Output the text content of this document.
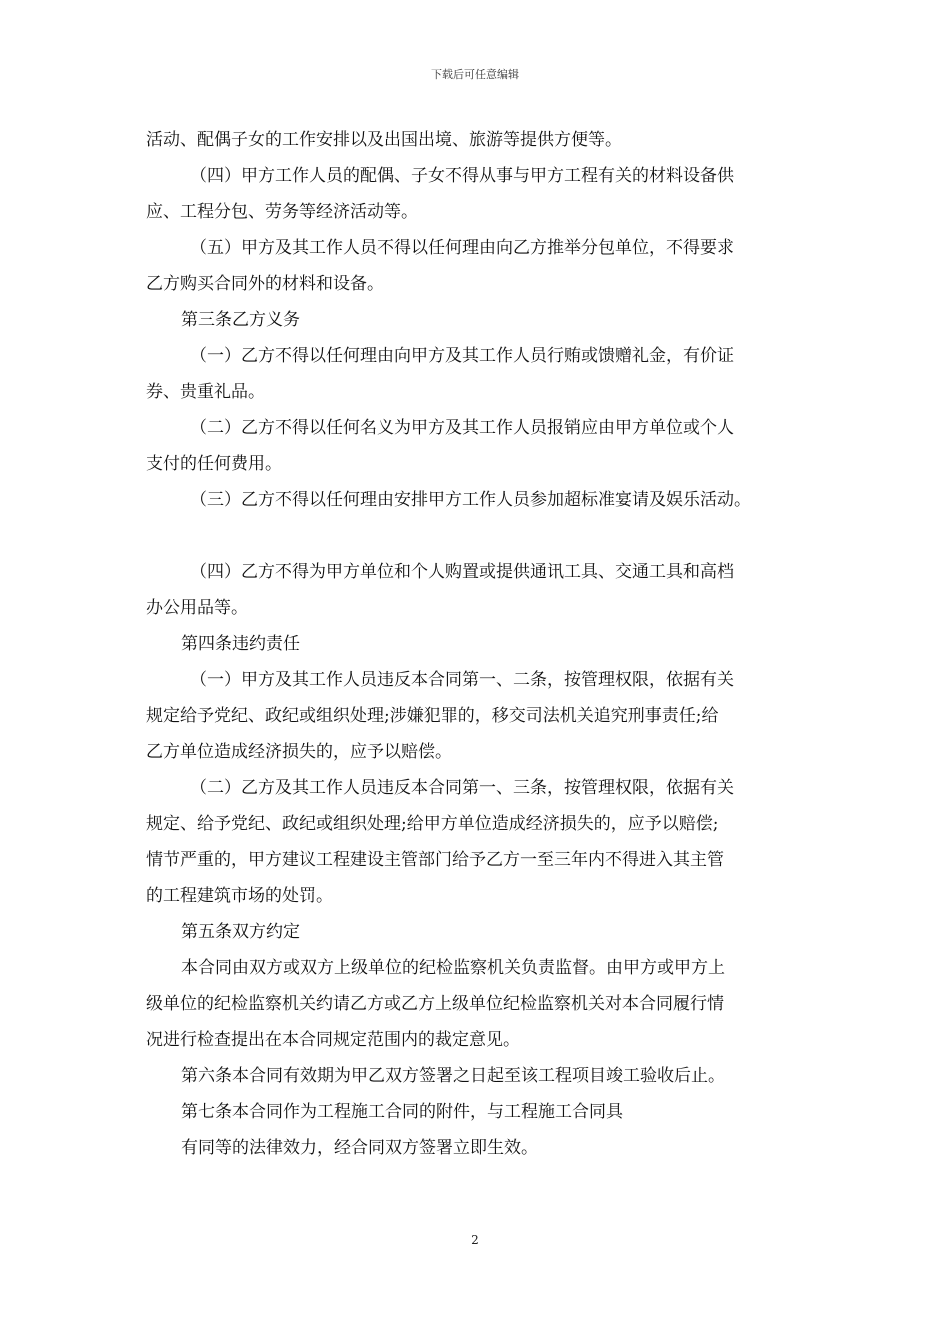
下载后可任意编辑

活动、配偶子女的工作安排以及出国出境、旅游等提供方便等。

（四）甲方工作人员的配偶、子女不得从事与甲方工程有关的材料设备供

应、工程分包、劳务等经济活动等。

（五）甲方及其工作人员不得以任何理由向乙方推举分包单位，不得要求

乙方购买合同外的材料和设备。

第三条乙方义务

（一）乙方不得以任何理由向甲方及其工作人员行贿或馈赠礼金，有价证

券、贵重礼品。

（二）乙方不得以任何名义为甲方及其工作人员报销应由甲方单位或个人

支付的任何费用。

（三）乙方不得以任何理由安排甲方工作人员参加超标准宴请及娱乐活动。

（四）乙方不得为甲方单位和个人购置或提供通讯工具、交通工具和高档

办公用品等。

第四条违约责任

（一）甲方及其工作人员违反本合同第一、二条，按管理权限，依据有关

规定给予党纪、政纪或组织处理;涉嫌犯罪的，移交司法机关追究刑事责任;给

乙方单位造成经济损失的，应予以赔偿。

（二）乙方及其工作人员违反本合同第一、三条，按管理权限，依据有关

规定、给予党纪、政纪或组织处理;给甲方单位造成经济损失的，应予以赔偿;

情节严重的，甲方建议工程建设主管部门给予乙方一至三年内不得进入其主管

的工程建筑市场的处罚。

第五条双方约定

本合同由双方或双方上级单位的纪检监察机关负责监督。由甲方或甲方上

级单位的纪检监察机关约请乙方或乙方上级单位纪检监察机关对本合同履行情

况进行检查提出在本合同规定范围内的裁定意见。

第六条本合同有效期为甲乙双方签署之日起至该工程项目竣工验收后止。

第七条本合同作为工程施工合同的附件，与工程施工合同具

有同等的法律效力，经合同双方签署立即生效。

2
